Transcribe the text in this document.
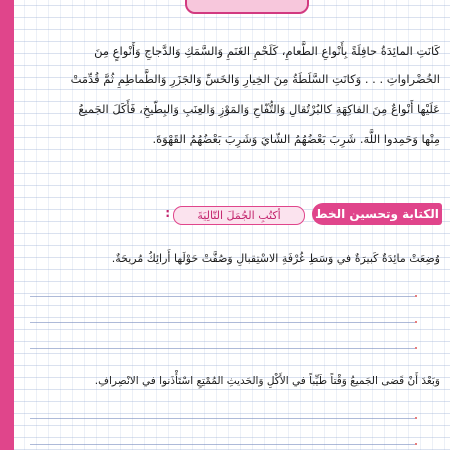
كَانَتِ المائِدَةُ حافِلَةً بِأَنْواعِ الطَّعامِ، كَلَحْمِ الغَنَمِ وَالسَّمَكِ وَالدَّجاجِ وَأَنْواعٍ مِنَ
الخُضْراواتِ . . . وَكانَتِ السَّلَطَةُ مِنَ الخِيارِ وَالخَسِّ وَالجَزَرِ وَالطَّماطِمِ ثُمَّ قُدِّمَتْ
عَلَيْها أَنْواعٌ مِنَ الفاكِهَةِ كالبُرْتُقالِ وَالتُّفّاحِ وَالمَوْزِ وَالعِنَبِ وَالبِطّيخِ، فَأَكَلَ الجَميعُ
مِنْها وَحَمِدوا اللَّهَ. شَرِبَ بَعْضُهُمُ الشّايَ وَشَرِبَ بَعْضُهُمُ القَهْوَةَ.
الكتابة وتحسين الخط
أكتُبِ الجُمَلَ التّالِيَةَ
:
وُضِعَتْ مائِدَةٌ كَبيرَةٌ في وَسَطِ غُرْفَةِ الاسْتِقبالِ وَصُفَّتْ حَوْلَها أَرائِكُ مُريحَةٌ.
وَبَعْدَ أَنْ قَضى الجَميعُ وَقْتاً طَيِّباً في الأَكْلِ وَالحَديثِ المُمْتِعِ اسْتَأْذَنوا في الانْصِرافِ.
